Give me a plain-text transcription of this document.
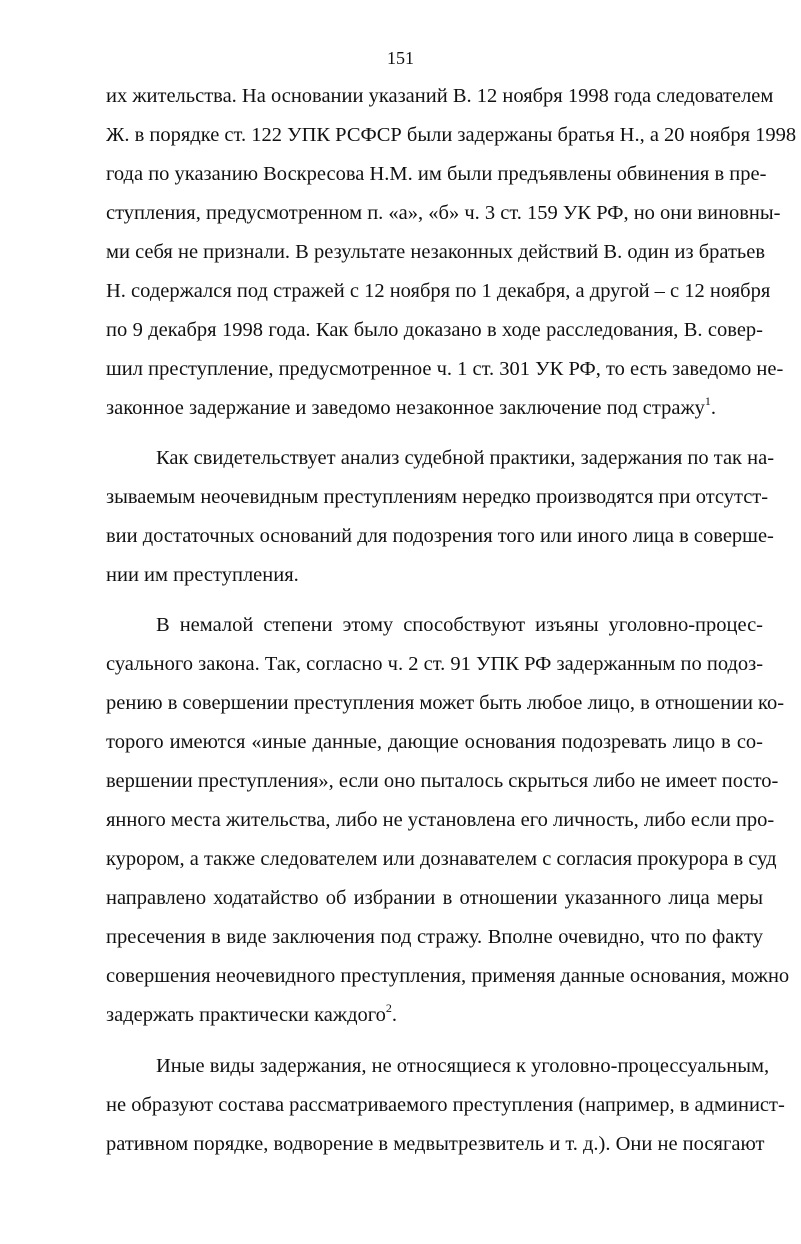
151
их жительства. На основании указаний В. 12 ноября 1998 года следователем
Ж. в порядке ст. 122 УПК РСФСР были задержаны братья Н., а 20 ноября 1998
года по указанию Воскресова Н.М. им были предъявлены обвинения в пре-
ступления, предусмотренном п. «а», «б» ч. 3 ст. 159 УК РФ, но они виновны-
ми себя не признали. В результате незаконных действий В. один из братьев
Н. содержался под стражей с 12 ноября по 1 декабря, а другой – с 12 ноября
по 9 декабря 1998 года. Как было доказано в ходе расследования, В. совер-
шил преступление, предусмотренное ч. 1 ст. 301 УК РФ, то есть заведомо не-
законное задержание и заведомо незаконное заключение под стражу$^1$.
Как свидетельствует анализ судебной практики, задержания по так на-
зываемым неочевидным преступлениям нередко производятся при отсутст-
вии достаточных оснований для подозрения того или иного лица в соверше-
нии им преступления.
В немалой степени этому способствуют изъяны уголовно-процес-
суального закона. Так, согласно ч. 2 ст. 91 УПК РФ задержанным по подоз-
рению в совершении преступления может быть любое лицо, в отношении ко-
торого имеются «иные данные, дающие основания подозревать лицо в со-
вершении преступления», если оно пыталось скрыться либо не имеет посто-
янного места жительства, либо не установлена его личность, либо если про-
курором, а также следователем или дознавателем с согласия прокурора в суд
направлено ходатайство об избрании в отношении указанного лица меры
пресечения в виде заключения под стражу. Вполне очевидно, что по факту
совершения неочевидного преступления, применяя данные основания, можно
задержать практически каждого$^2$.
Иные виды задержания, не относящиеся к уголовно-процессуальным,
не образуют состава рассматриваемого преступления (например, в админист-
ративном порядке, водворение в медвытрезвитель и т. д.). Они не посягают
